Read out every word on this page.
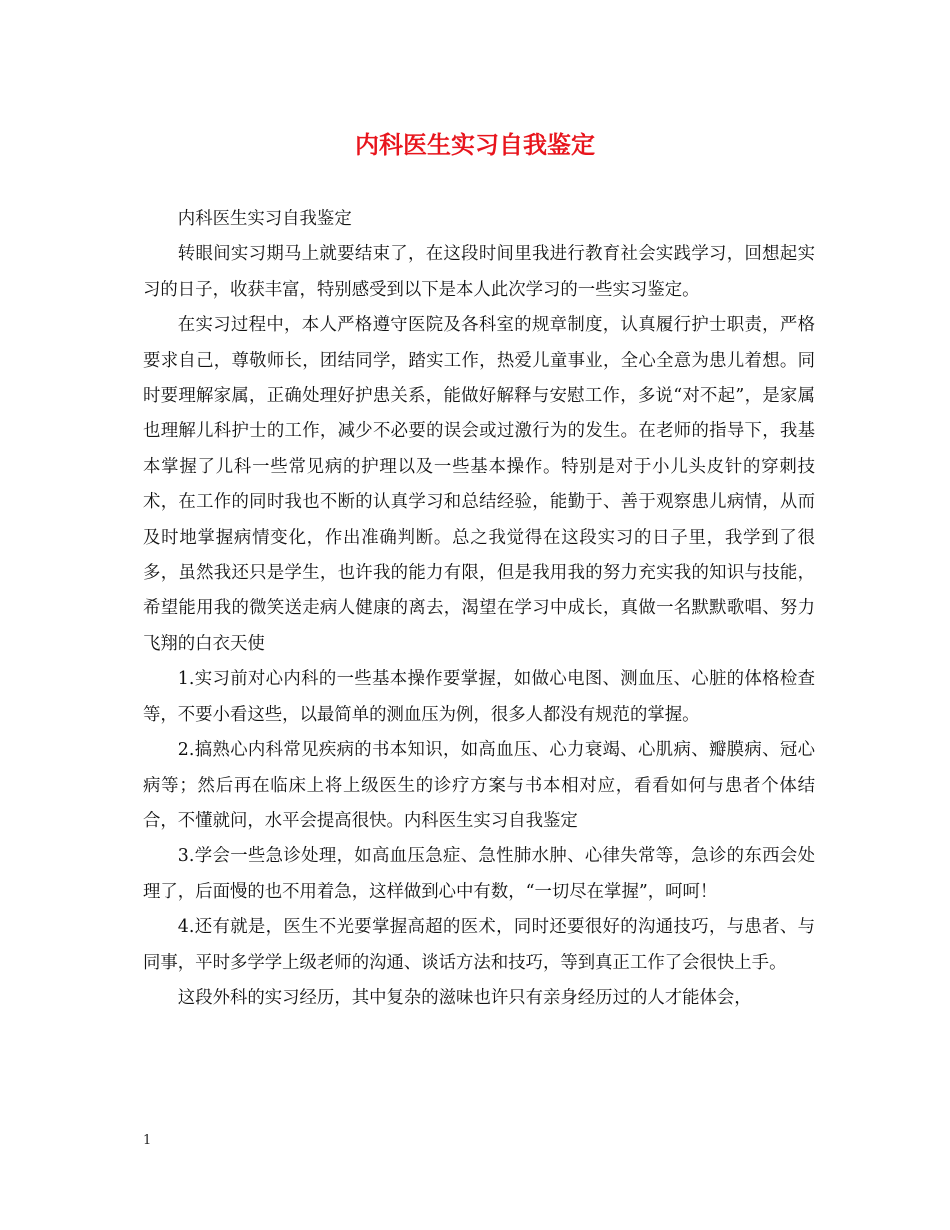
内科医生实习自我鉴定

内科医生实习自我鉴定

转眼间实习期马上就要结束了，在这段时间里我进行教育社会实践学习，回想起实习的日子，收获丰富，特别感受到以下是本人此次学习的一些实习鉴定。

在实习过程中，本人严格遵守医院及各科室的规章制度，认真履行护士职责，严格要求自己，尊敬师长，团结同学，踏实工作，热爱儿童事业，全心全意为患儿着想。同时要理解家属，正确处理好护患关系，能做好解释与安慰工作，多说“对不起”，是家属也理解儿科护士的工作，减少不必要的误会或过激行为的发生。在老师的指导下，我基本掌握了儿科一些常见病的护理以及一些基本操作。特别是对于小儿头皮针的穿刺技术，在工作的同时我也不断的认真学习和总结经验，能勤于、善于观察患儿病情，从而及时地掌握病情变化，作出准确判断。总之我觉得在这段实习的日子里，我学到了很多，虽然我还只是学生，也许我的能力有限，但是我用我的努力充实我的知识与技能，希望能用我的微笑送走病人健康的离去，渴望在学习中成长，真做一名默默歌唱、努力飞翔的白衣天使

1.实习前对心内科的一些基本操作要掌握，如做心电图、测血压、心脏的体格检查等，不要小看这些，以最简单的测血压为例，很多人都没有规范的掌握。

2.搞熟心内科常见疾病的书本知识，如高血压、心力衰竭、心肌病、瓣膜病、冠心病等；然后再在临床上将上级医生的诊疗方案与书本相对应，看看如何与患者个体结合，不懂就问，水平会提高很快。内科医生实习自我鉴定

3.学会一些急诊处理，如高血压急症、急性肺水肿、心律失常等，急诊的东西会处理了，后面慢的也不用着急，这样做到心中有数，“一切尽在掌握”，呵呵！

4.还有就是，医生不光要掌握高超的医术，同时还要很好的沟通技巧，与患者、与同事，平时多学学上级老师的沟通、谈话方法和技巧，等到真正工作了会很快上手。

这段外科的实习经历，其中复杂的滋味也许只有亲身经历过的人才能体会，

1
